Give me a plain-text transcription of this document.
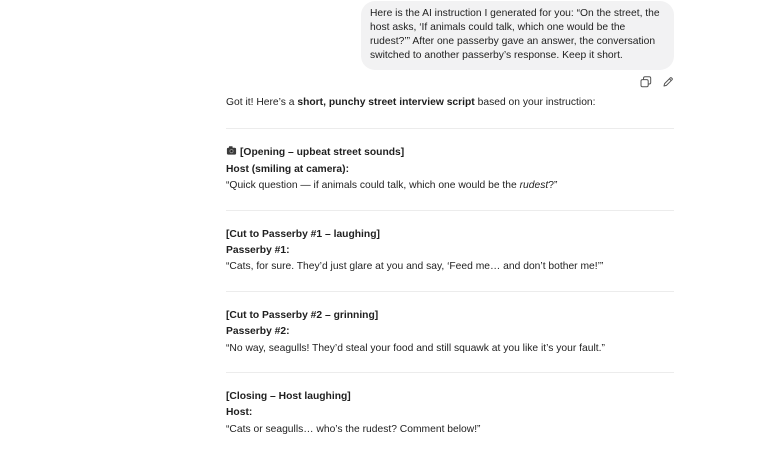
Here is the AI instruction I generated for you: “On the street, the host asks, ‘If animals could talk, which one would be the rudest?’” After one passerby gave an answer, the conversation switched to another passerby’s response. Keep it short.

Got it! Here’s a short, punchy street interview script based on your instruction:

[Opening – upbeat street sounds]

Host (smiling at camera):

“Quick question — if animals could talk, which one would be the rudest?”

[Cut to Passerby #1 – laughing]

Passerby #1:

“Cats, for sure. They’d just glare at you and say, ‘Feed me… and don’t bother me!’”

[Cut to Passerby #2 – grinning]

Passerby #2:

“No way, seagulls! They’d steal your food and still squawk at you like it’s your fault.”

[Closing – Host laughing]

Host:

“Cats or seagulls… who’s the rudest? Comment below!”
